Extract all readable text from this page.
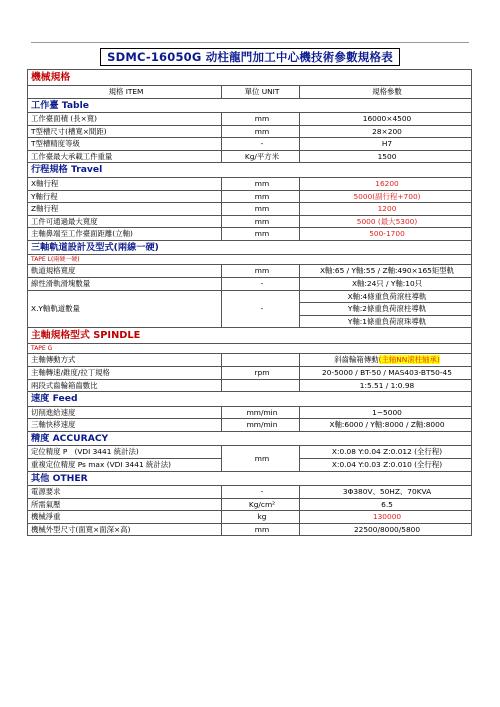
SDMC-16050G 动柱龍門加工中心機技術參數規格表
機械規格		
規格 ITEM	單位 UNIT	規格參數
工作臺 Table		
工作臺面積 (長×寬)	mm	16000×4500
T型槽尺寸(槽寬×間距)	mm	28×200
T型槽精度等級	-	H7
工作臺最大承載工件重量	Kg/平方米	1500
行程規格 Travel		
X軸行程	mm	16200
Y軸行程	mm	5000(副行程+700)
Z軸行程	mm	1200
工件可通過最大寬度	mm	5000 (最大5300)
主軸鼻端至工作臺面距離(立軸)	mm	500-1700
三軸軌道設計及型式(兩線一硬)		
TAPE L(兩硬一硬)		
軌道規格寬度	mm	X軸:65 / Y軸:55 / Z軸:490×165矩型軌
線性滑軌滑塊數量	-	X軸:24只 / Y軸:10只
X.Y軸軌道數量	-	X軸:4條重負荷滾柱導軌
		Y軸:2條重負荷滾柱導軌
		Y軸:1條重負荷滾珠導軌
主軸規格型式 SPINDLE		
TAPE G		
主軸傳動方式		斜齒輪箱傳動(主轴NN滚柱轴承)
主軸轉速/錐度/拉丁規格	rpm	20-5000 / BT-50 / MAS403-BT50-45
兩段式齒輪箱齒數比		1:5.51 / 1:0.98
速度 Feed		
切削進給速度	mm/min	1~5000
三軸快移速度	mm/min	X軸:6000 / Y軸:8000 / Z軸:8000
精度 ACCURACY		
定位精度 P (VDI 3441 統計法)	mm	X:0.08 Y:0.04 Z:0.012 (全行程)
重複定位精度 Ps max (VDI 3441 統計法)		X:0.04 Y:0.03 Z:0.010 (全行程)
其他 OTHER		
電源要求	-	3Φ380V、50HZ、70KVA
所需氣壓	Kg/cm²	6.5
機械淨重	kg	130000
機械外型尺寸(面寬×面深×高)	mm	22500/8000/5800
